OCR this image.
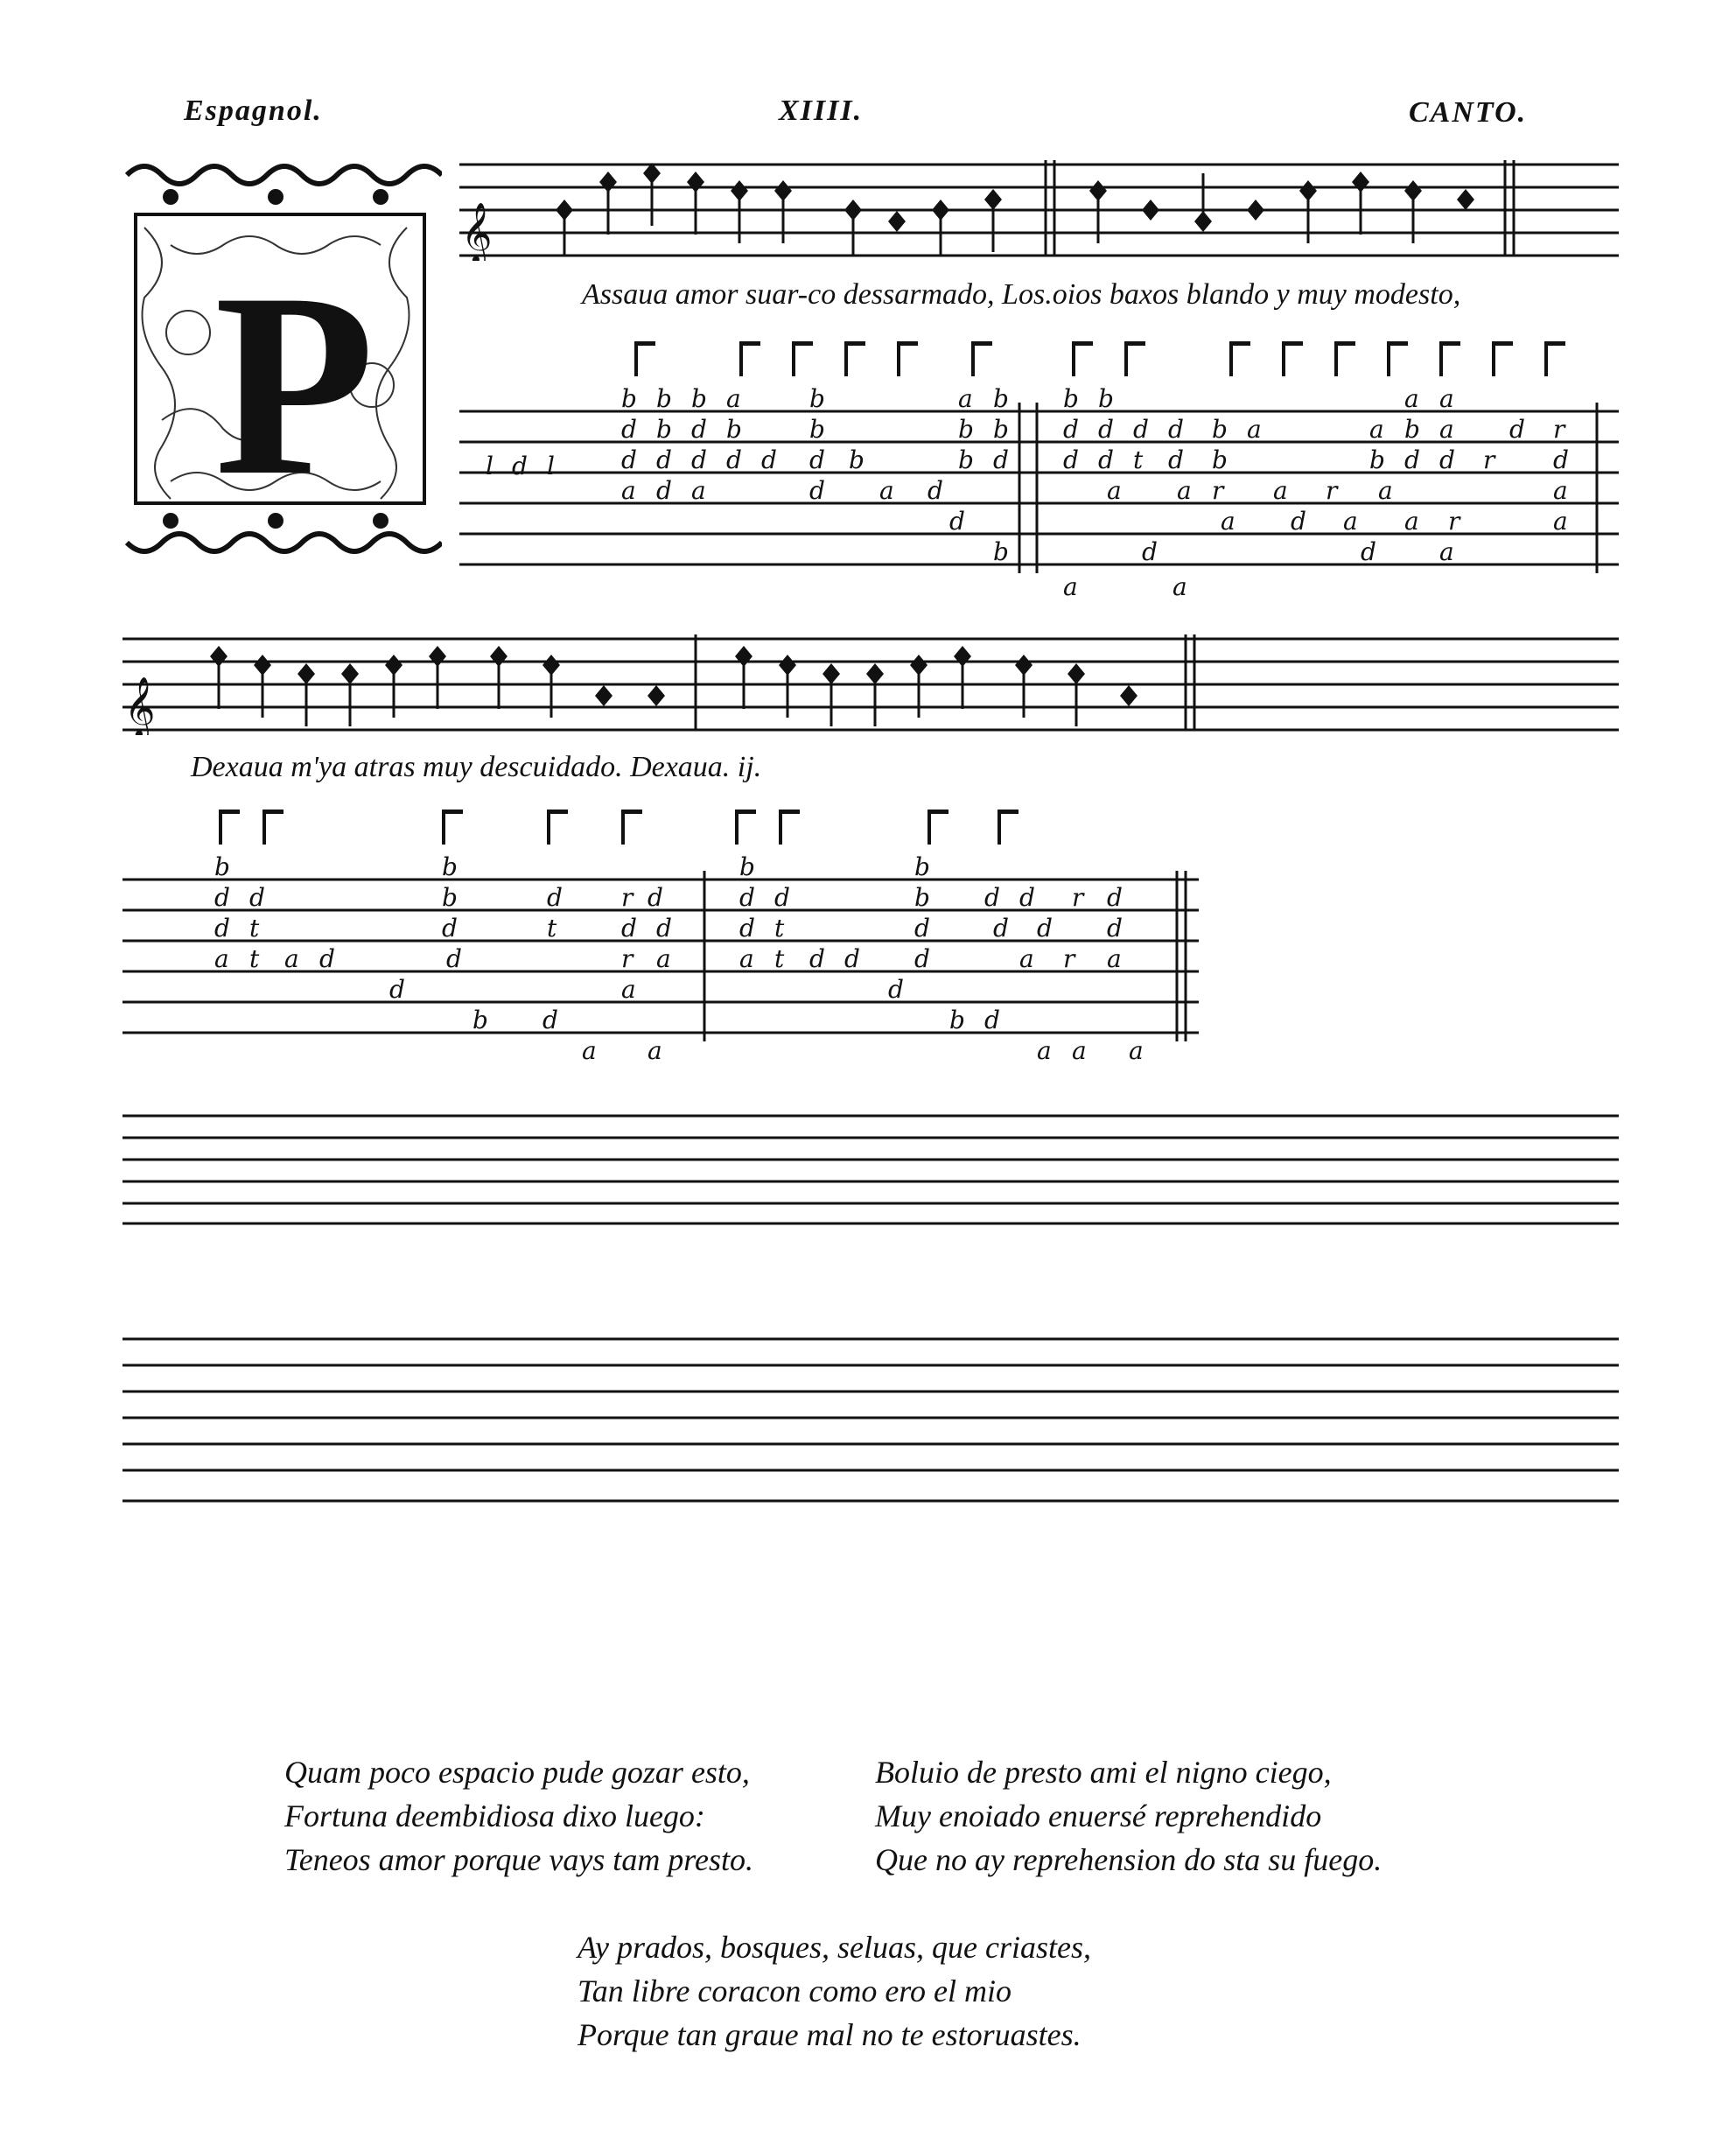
Espagnol.	XIIII.	CANTO.
P
𝄞
Assaua amor suar-co dessarmado, Los.oios baxos blando y muy modesto,
l d l
b b b a	b	a b b b	a a
d b d b	b	b b d d d d b a	a b a d r
d d d d d d b	b d d d t d b	b d d r d
a d a	d a d	a a r a r a	a
d	a d a a r	a
b	d	d	a
a	a
𝄞
Dexaua m'ya atras muy descuidado. Dexaua. ij.
b	b	b	b
d d	b	d r d	d d	b d d r d
d t	d	t	d d	d t	d	d d d
a t a d	d	r a	a t d d d	a r a
d	a	d
b d	b d
a a	a a a
Quam poco espacio pude gozar esto,
Fortuna deembidiosa dixo luego:
Teneos amor porque vays tam presto.
Boluio de presto ami el nigno ciego,
Muy enoiado enuersé reprehendido
Que no ay reprehension do sta su fuego.
Ay prados, bosques, seluas, que criastes,
Tan libre coracon como ero el mio
Porque tan graue mal no te estoruastes.
